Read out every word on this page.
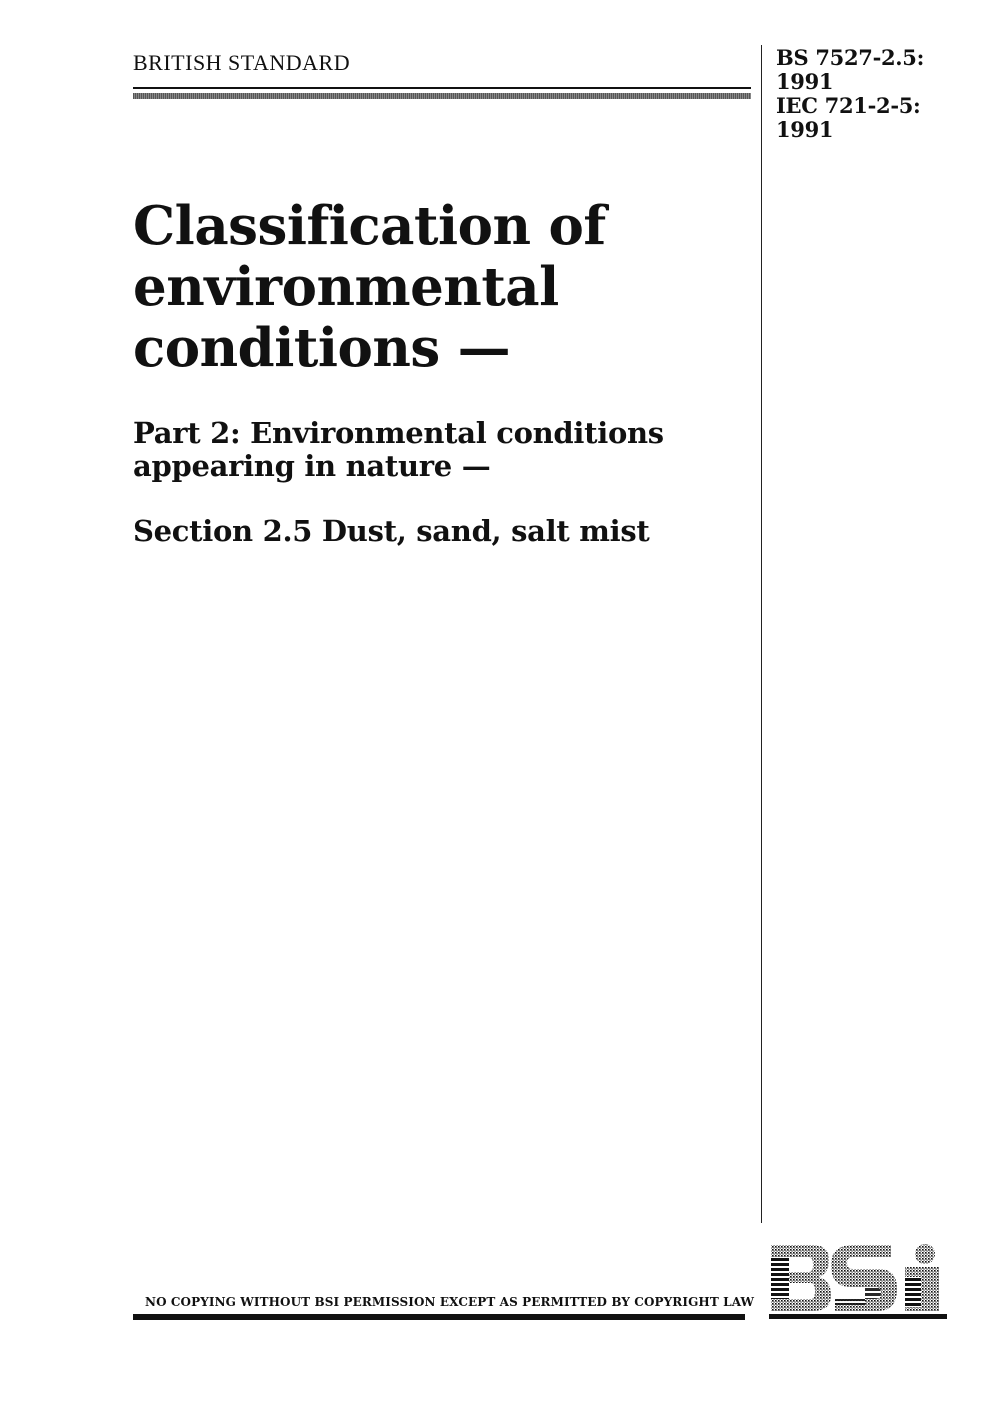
BRITISH STANDARD	BS 7527-2.5:
1991
IEC 721-2-5:
1991
Classification of
environmental
conditions —
Part 2: Environmental conditions
appearing in nature —
Section 2.5 Dust, sand, salt mist
NO COPYING WITHOUT BSI PERMISSION EXCEPT AS PERMITTED BY COPYRIGHT LAW
